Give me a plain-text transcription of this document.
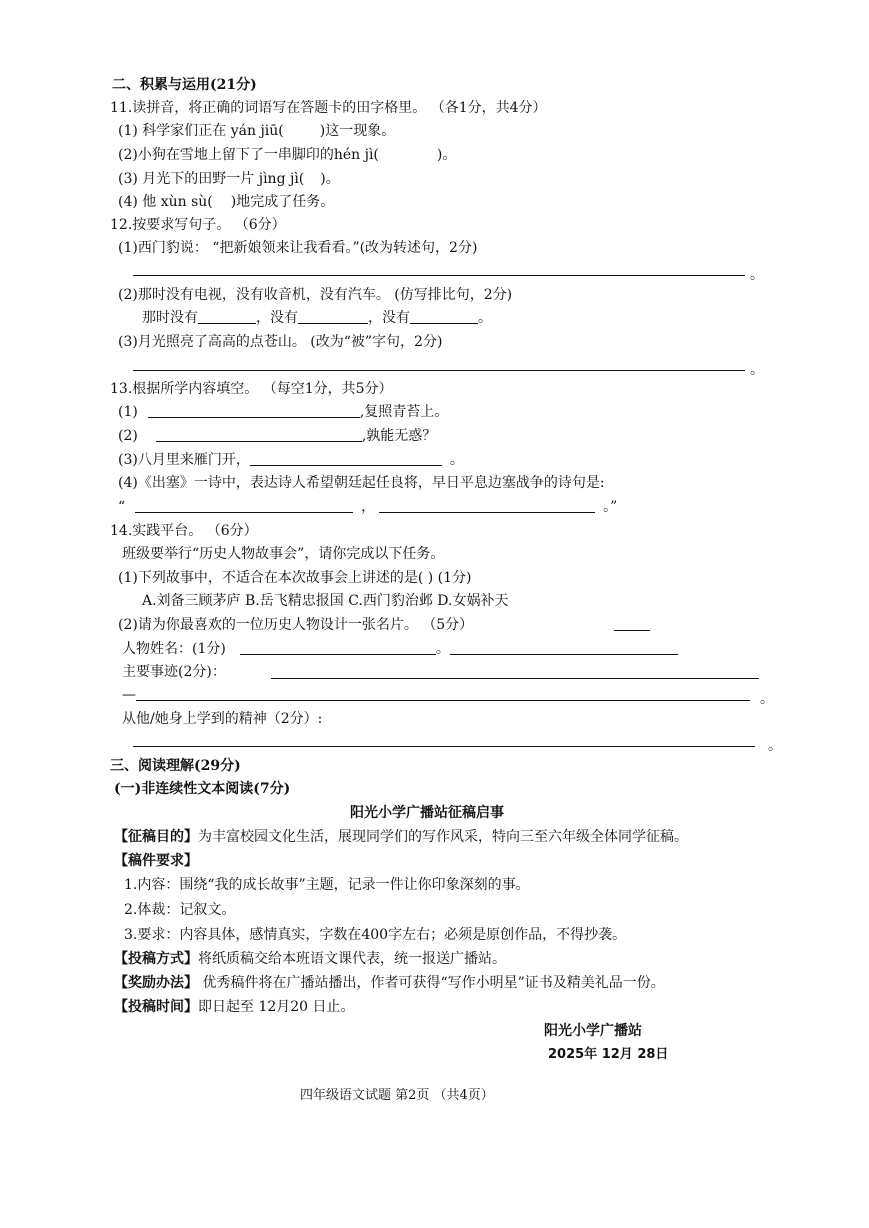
二、积累与运用(21分)
11.读拼音，将正确的词语写在答题卡的田字格里。 （各1分，共4分）
(1) 科学家们正在 yán jiū(	)这一现象。
(2)小狗在雪地上留下了一串脚印的hén jì(	)。
(3) 月光下的田野一片 jìng jì( )。
(4) 他 xùn sù( )地完成了任务。
12.按要求写句子。 （6分）
(1)西门豹说： “把新娘领来让我看看。”(改为转述句，2分)
。
(2)那时没有电视，没有收音机，没有汽车。 (仿写排比句，2分)
那时没有	，没有	，没有	。
(3)月光照亮了高高的点苍山。 (改为“被”字句，2分)
。
13.根据所学内容填空。 （每空1分，共5分）
(1)	,复照青苔上。
(2)	,孰能无惑？
(3)八月里来雁门开，	。
(4)《出塞》一诗中，表达诗人希望朝廷起任良将，早日平息边塞战争的诗句是:
“	，	。”
14.实践平台。 （6分）
班级要举行“历史人物故事会”，请你完成以下任务。
(1)下列故事中，不适合在本次故事会上讲述的是( ) (1分)
A.刘备三顾茅庐 B.岳飞精忠报国 C.西门豹治邺 D.女娲补天
(2)请为你最喜欢的一位历史人物设计一张名片。 （5分）
人物姓名：(1分)	。
主要事迹(2分)：
—	。
从他/她身上学到的精神（2分）:
。
三、阅读理解(29分)
(一)非连续性文本阅读(7分)
阳光小学广播站征稿启事
【征稿目的】为丰富校园文化生活，展现同学们的写作风采，特向三至六年级全体同学征稿。
【稿件要求】
1.内容：围绕“我的成长故事”主题，记录一件让你印象深刻的事。
2.体裁：记叙文。
3.要求：内容具体，感情真实，字数在400字左右；必须是原创作品，不得抄袭。
【投稿方式】将纸质稿交给本班语文课代表，统一报送广播站。
【奖励办法】 优秀稿件将在广播站播出，作者可获得“写作小明星”证书及精美礼品一份。
【投稿时间】即日起至 12月20 日止。
阳光小学广播站
2025年 12月 28日
四年级语文试题 第2页 （共4页）
